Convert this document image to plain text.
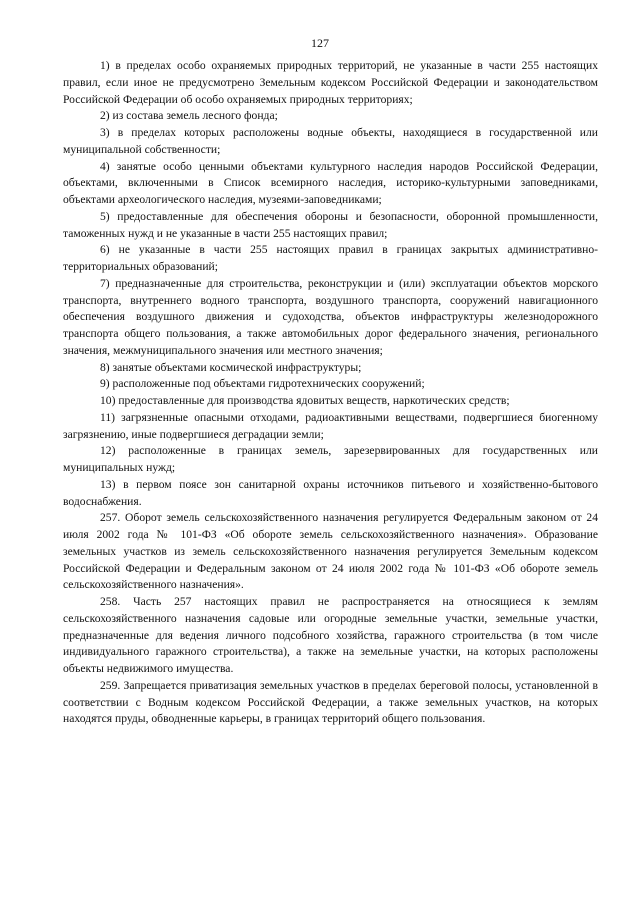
127

1) в пределах особо охраняемых природных территорий, не указанные в части 255 настоящих правил, если иное не предусмотрено Земельным кодексом Российской Федерации и законодательством Российской Федерации об особо охраняемых природных территориях;

2) из состава земель лесного фонда;

3) в пределах которых расположены водные объекты, находящиеся в государственной или муниципальной собственности;

4) занятые особо ценными объектами культурного наследия народов Российской Федерации, объектами, включенными в Список всемирного наследия, историко-культурными заповедниками, объектами археологического наследия, музеями-заповедниками;

5) предоставленные для обеспечения обороны и безопасности, оборонной промышленности, таможенных нужд и не указанные в части 255 настоящих правил;

6) не указанные в части 255 настоящих правил в границах закрытых административно-территориальных образований;

7) предназначенные для строительства, реконструкции и (или) эксплуатации объектов морского транспорта, внутреннего водного транспорта, воздушного транспорта, сооружений навигационного обеспечения воздушного движения и судоходства, объектов инфраструктуры железнодорожного транспорта общего пользования, а также автомобильных дорог федерального значения, регионального значения, межмуниципального значения или местного значения;

8) занятые объектами космической инфраструктуры;

9) расположенные под объектами гидротехнических сооружений;

10) предоставленные для производства ядовитых веществ, наркотических средств;

11) загрязненные опасными отходами, радиоактивными веществами, подвергшиеся биогенному загрязнению, иные подвергшиеся деградации земли;

12) расположенные в границах земель, зарезервированных для государственных или муниципальных нужд;

13) в первом поясе зон санитарной охраны источников питьевого и хозяйственно-бытового водоснабжения.

257. Оборот земель сельскохозяйственного назначения регулируется Федеральным законом от 24 июля 2002 года № 101-ФЗ «Об обороте земель сельскохозяйственного назначения». Образование земельных участков из земель сельскохозяйственного назначения регулируется Земельным кодексом Российской Федерации и Федеральным законом от 24 июля 2002 года № 101-ФЗ «Об обороте земель сельскохозяйственного назначения».

258. Часть 257 настоящих правил не распространяется на относящиеся к землям сельскохозяйственного назначения садовые или огородные земельные участки, земельные участки, предназначенные для ведения личного подсобного хозяйства, гаражного строительства (в том числе индивидуального гаражного строительства), а также на земельные участки, на которых расположены объекты недвижимого имущества.

259. Запрещается приватизация земельных участков в пределах береговой полосы, установленной в соответствии с Водным кодексом Российской Федерации, а также земельных участков, на которых находятся пруды, обводненные карьеры, в границах территорий общего пользования.
